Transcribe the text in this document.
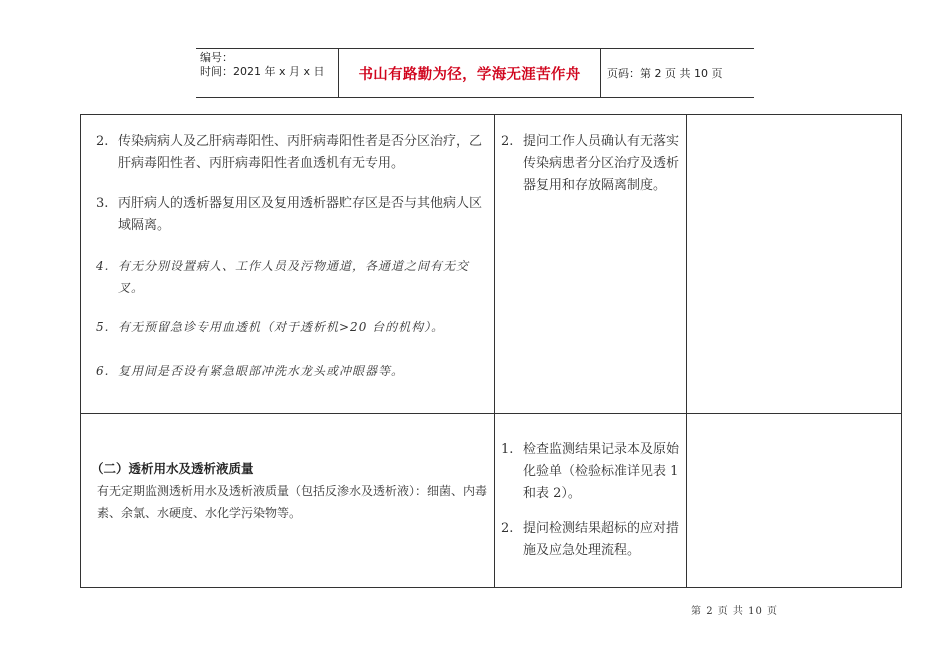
编号：
时间：2021 年 x 月 x 日	书山有路勤为径，学海无涯苦作舟	页码：第 2 页 共 10 页
2. 传染病病人及乙肝病毒阳性、丙肝病毒阳性者是否分区治疗，乙肝病毒阳性者、丙肝病毒阳性者血透机有无专用。
3. 丙肝病人的透析器复用区及复用透析器贮存区是否与其他病人区域隔离。
4. 有无分别设置病人、工作人员及污物通道，各通道之间有无交叉。
5. 有无预留急诊专用血透机（对于透析机>20 台的机构）。
6. 复用间是否设有紧急眼部冲洗水龙头或冲眼器等。
（二）透析用水及透析液质量
有无定期监测透析用水及透析液质量（包括反渗水及透析液）：细菌、内毒素、余氯、水硬度、水化学污染物等。
2. 提问工作人员确认有无落实传染病患者分区治疗及透析器复用和存放隔离制度。
1. 检查监测结果记录本及原始化验单（检验标准详见表 1 和表 2）。
2. 提问检测结果超标的应对措施及应急处理流程。
第 2 页 共 10 页
